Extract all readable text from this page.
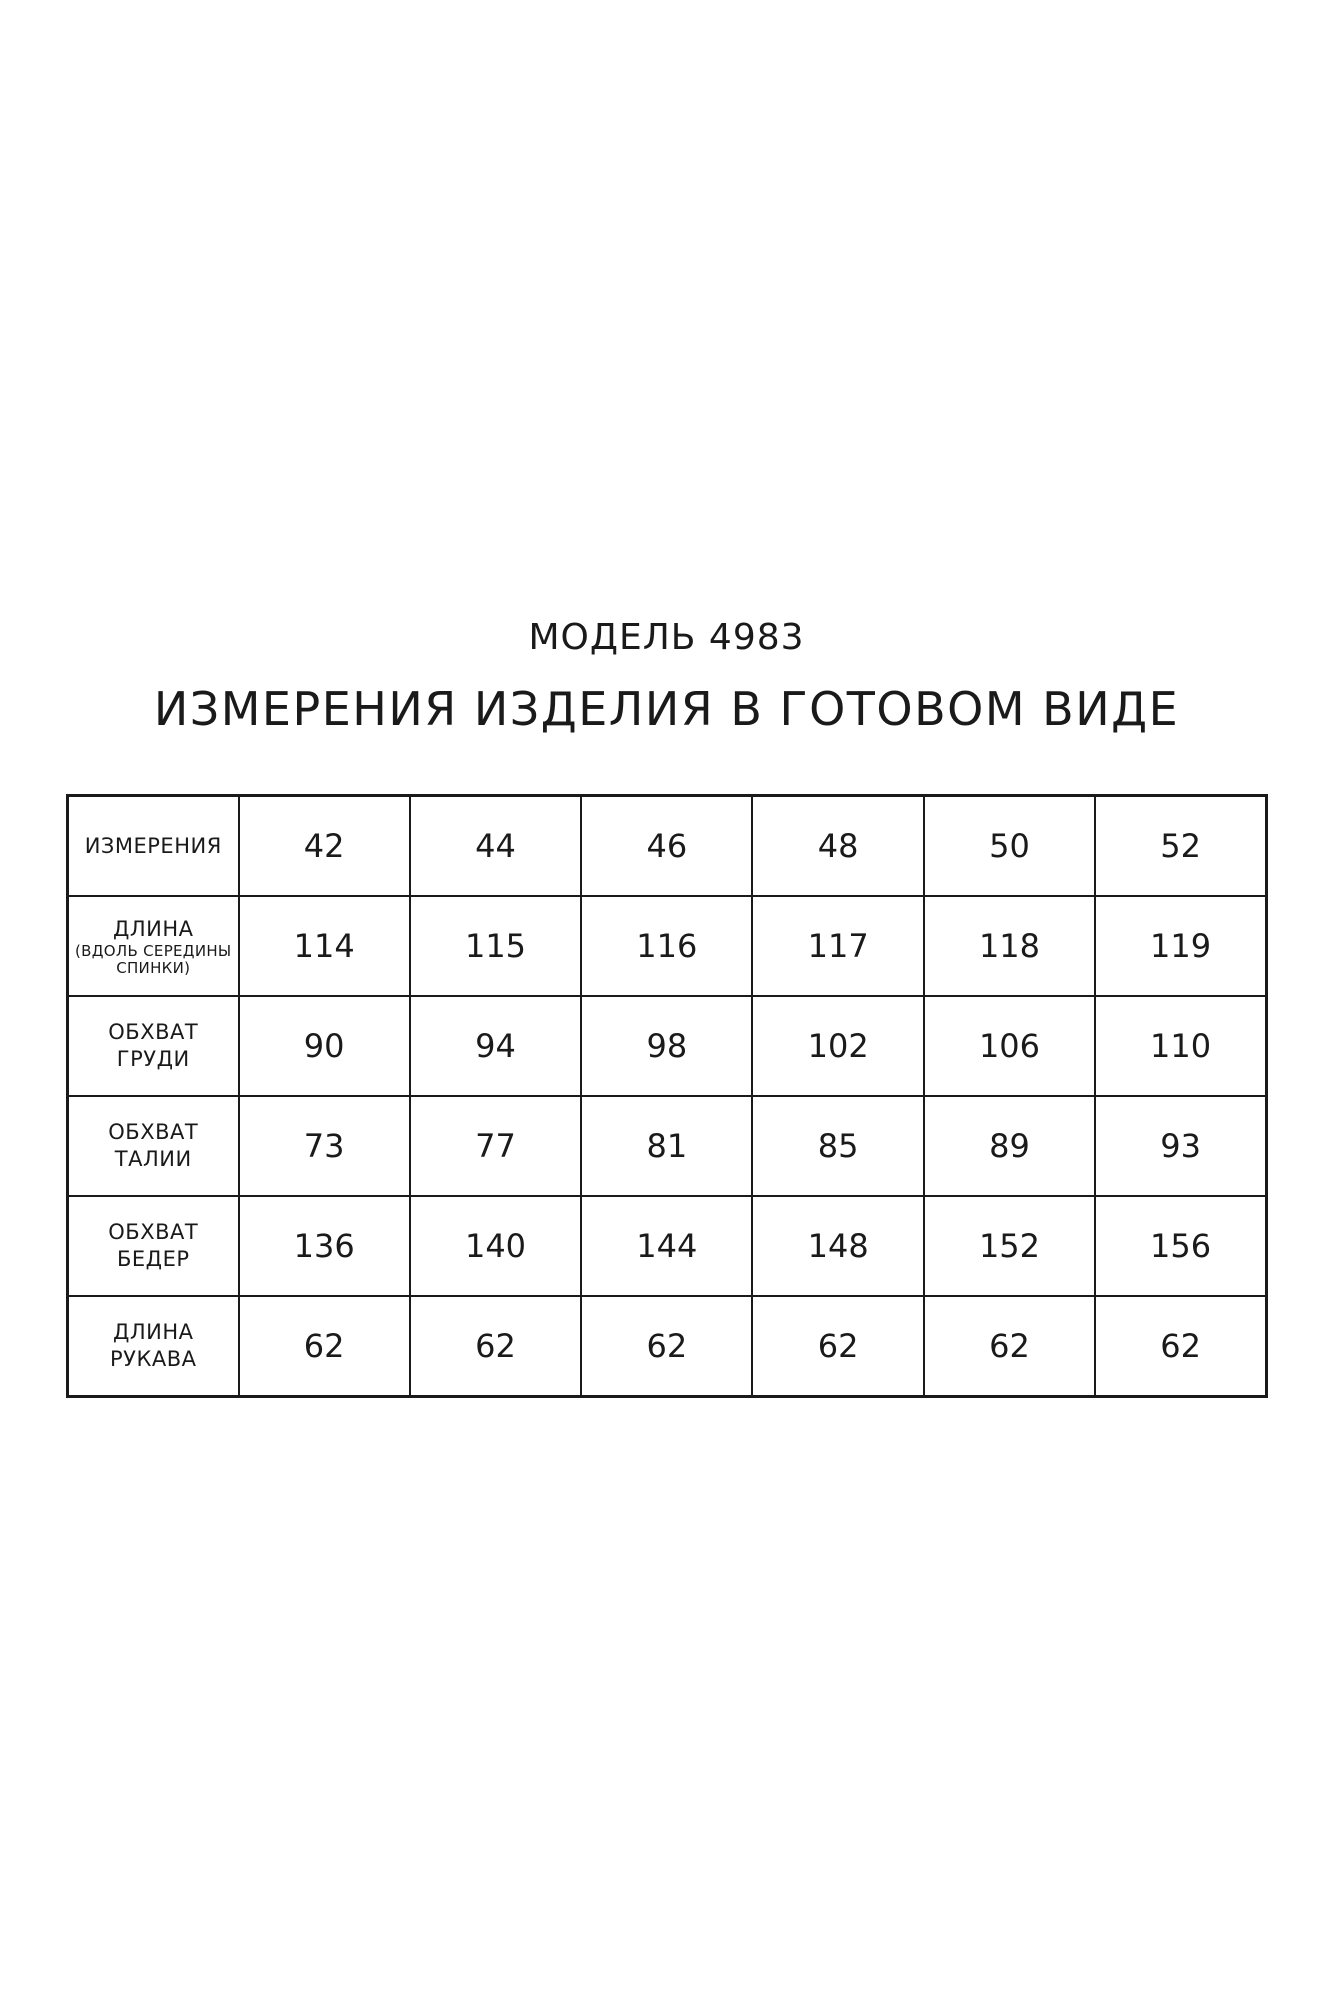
МОДЕЛЬ 4983
ИЗМЕРЕНИЯ ИЗДЕЛИЯ В ГОТОВОМ ВИДЕ
ИЗМЕРЕНИЯ	42	44	46	48	50	52

ДЛИНА
(ВДОЛЬ СЕРЕДИНЫ
СПИНКИ)	114	115	116	117	118	119

ОБХВАТ
ГРУДИ	90	94	98	102	106	110

ОБХВАТ
ТАЛИИ	73	77	81	85	89	93

ОБХВАТ
БЕДЕР	136	140	144	148	152	156

ДЛИНА
РУКАВА	62	62	62	62	62	62
